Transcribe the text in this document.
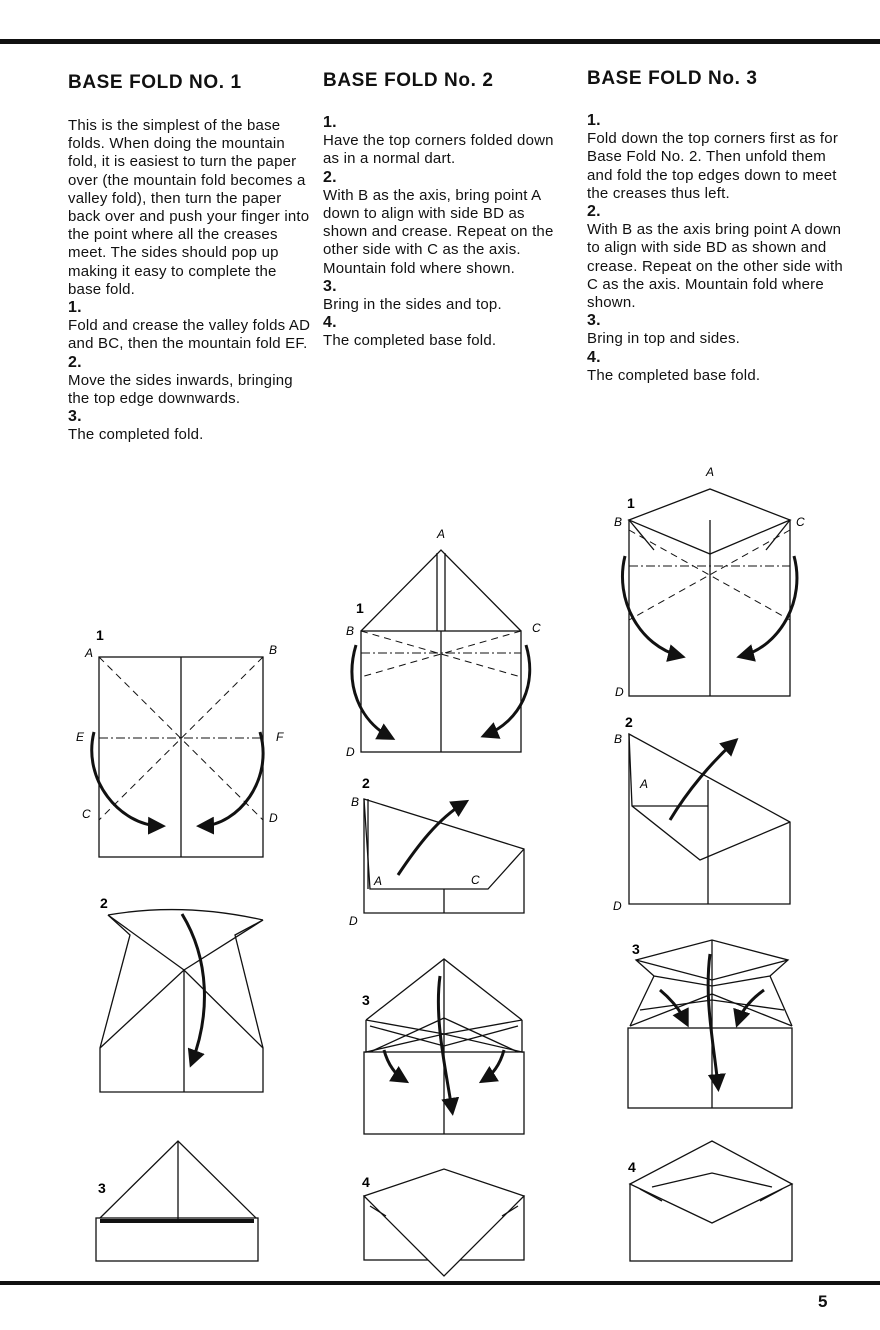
BASE FOLD NO. 1

This is the simplest of the base folds. When doing the mountain fold, it is easiest to turn the paper over (the mountain fold becomes a valley fold), then turn the paper back over and push your finger into the point where all the creases meet. The sides should pop up making it easy to complete the base fold.

1.

Fold and crease the valley folds AD and BC, then the mountain fold EF.

2.

Move the sides inwards, bringing the top edge downwards.

3.

The completed fold.

BASE FOLD No. 2
1.

Have the top corners folded down as in a normal dart.

2.

With B as the axis, bring point A down to align with side BD as shown and crease. Repeat on the other side with C as the axis. Mountain fold where shown.

3.

Bring in the sides and top.

4.

The completed base fold.

BASE FOLD No. 3
1.

Fold down the top corners first as for Base Fold No. 2. Then unfold them and fold the top edges down to meet the creases thus left.

2.

With B as the axis bring point A down to align with side BD as shown and crease. Repeat on the other side with C as the axis. Mountain fold where shown.

3.

Bring in top and sides.

4.

The completed base fold.

1
A	B
E	F
C	D
2
3
A
1
B	C
D
2
B
D
A	C
3
4
A
1
B	C
D
2
B
A
D
3
4
5
